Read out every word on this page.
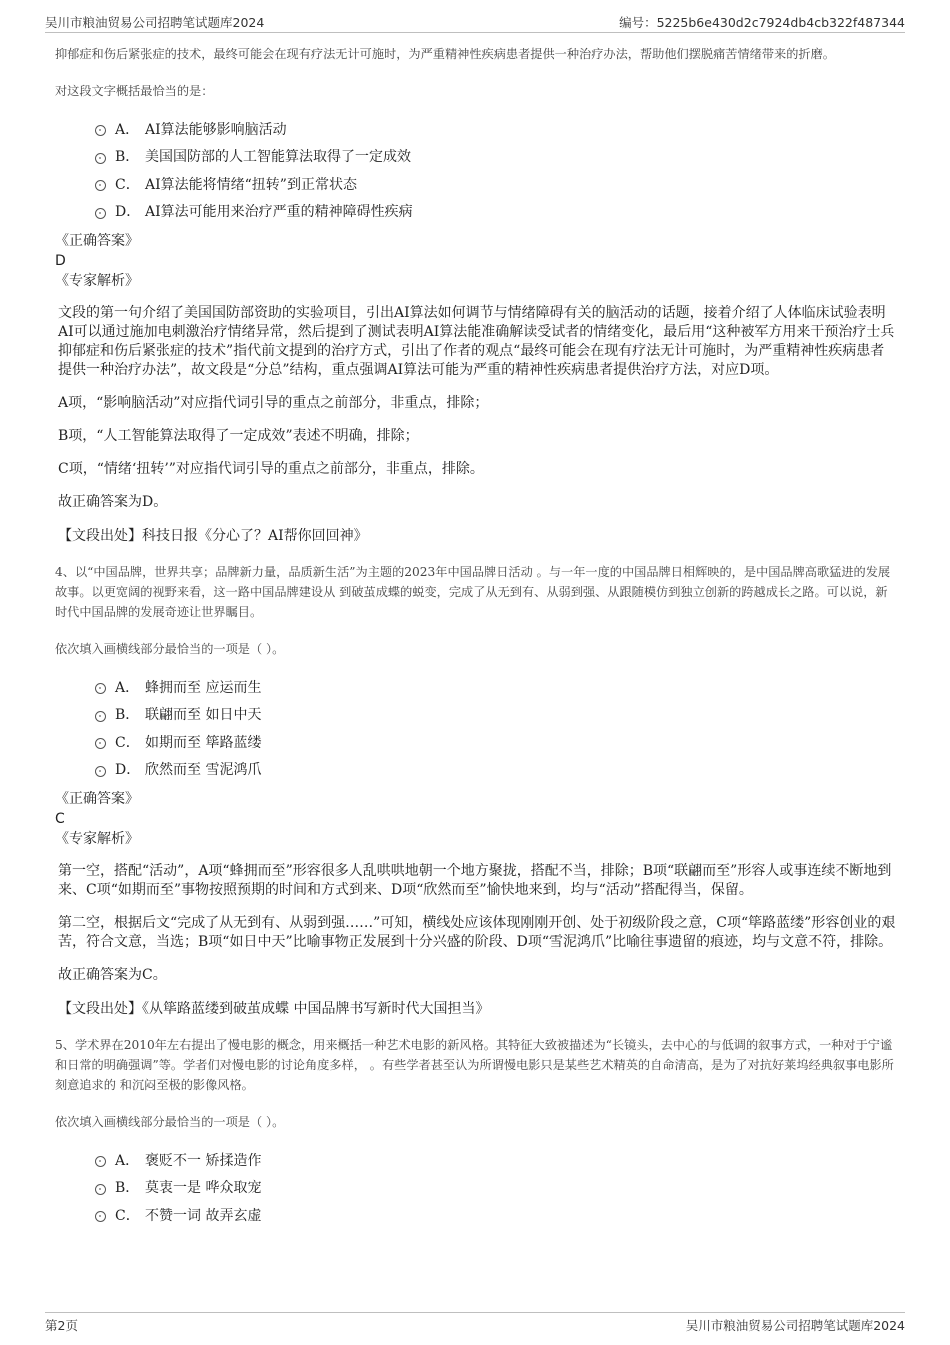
吴川市粮油贸易公司招聘笔试题库2024	编号：5225b6e430d2c7924db4cb322f487344

抑郁症和伤后紧张症的技术，最终可能会在现有疗法无计可施时，为严重精神性疾病患者提供一种治疗办法，帮助他们摆脱痛苦情绪带来的折磨。

对这段文字概括最恰当的是：

A． AI算法能够影响脑活动
B． 美国国防部的人工智能算法取得了一定成效
C． AI算法能将情绪“扭转”到正常状态
D． AI算法可能用来治疗严重的精神障碍性疾病

《正确答案》

D

《专家解析》

文段的第一句介绍了美国国防部资助的实验项目，引出AI算法如何调节与情绪障碍有关的脑活动的话题，接着介绍了人体临床试验表明AI可以通过施加电刺激治疗情绪异常，然后提到了测试表明AI算法能准确解读受试者的情绪变化，最后用“这种被军方用来干预治疗士兵抑郁症和伤后紧张症的技术”指代前文提到的治疗方式，引出了作者的观点“最终可能会在现有疗法无计可施时，为严重精神性疾病患者提供一种治疗办法”，故文段是“分总”结构，重点强调AI算法可能为严重的精神性疾病患者提供治疗方法，对应D项。

A项，“影响脑活动”对应指代词引导的重点之前部分，非重点，排除；

B项，“人工智能算法取得了一定成效”表述不明确，排除；

C项，“情绪‘扭转’”对应指代词引导的重点之前部分，非重点，排除。

故正确答案为D。

【文段出处】科技日报《分心了？AI帮你回回神》

4、以“中国品牌，世界共享；品牌新力量，品质新生活”为主题的2023年中国品牌日活动 。与一年一度的中国品牌日相辉映的，是中国品牌高歌猛进的发展故事。以更宽阔的视野来看，这一路中国品牌建设从 到破茧成蝶的蜕变，完成了从无到有、从弱到强、从跟随模仿到独立创新的跨越成长之路。可以说，新时代中国品牌的发展奇迹让世界瞩目。

依次填入画横线部分最恰当的一项是（ ）。

A． 蜂拥而至 应运而生
B． 联翩而至 如日中天
C． 如期而至 筚路蓝缕
D． 欣然而至 雪泥鸿爪

《正确答案》

C

《专家解析》

第一空，搭配“活动”，A项“蜂拥而至”形容很多人乱哄哄地朝一个地方聚拢，搭配不当，排除；B项“联翩而至”形容人或事连续不断地到来、C项“如期而至”事物按照预期的时间和方式到来、D项“欣然而至”愉快地来到，均与“活动”搭配得当，保留。

第二空，根据后文“完成了从无到有、从弱到强……”可知，横线处应该体现刚刚开创、处于初级阶段之意，C项“筚路蓝缕”形容创业的艰苦，符合文意，当选；B项“如日中天”比喻事物正发展到十分兴盛的阶段、D项“雪泥鸿爪”比喻往事遗留的痕迹，均与文意不符，排除。

故正确答案为C。

【文段出处】《从筚路蓝缕到破茧成蝶 中国品牌书写新时代大国担当》

5、学术界在2010年左右提出了慢电影的概念，用来概括一种艺术电影的新风格。其特征大致被描述为“长镜头，去中心的与低调的叙事方式，一种对于宁谧和日常的明确强调”等。学者们对慢电影的讨论角度多样， 。有些学者甚至认为所谓慢电影只是某些艺术精英的自命清高，是为了对抗好莱坞经典叙事电影所刻意追求的 和沉闷至极的影像风格。

依次填入画横线部分最恰当的一项是（ ）。

A． 褒贬不一 矫揉造作
B． 莫衷一是 哗众取宠
C． 不赞一词 故弄玄虚
第2页	吴川市粮油贸易公司招聘笔试题库2024
